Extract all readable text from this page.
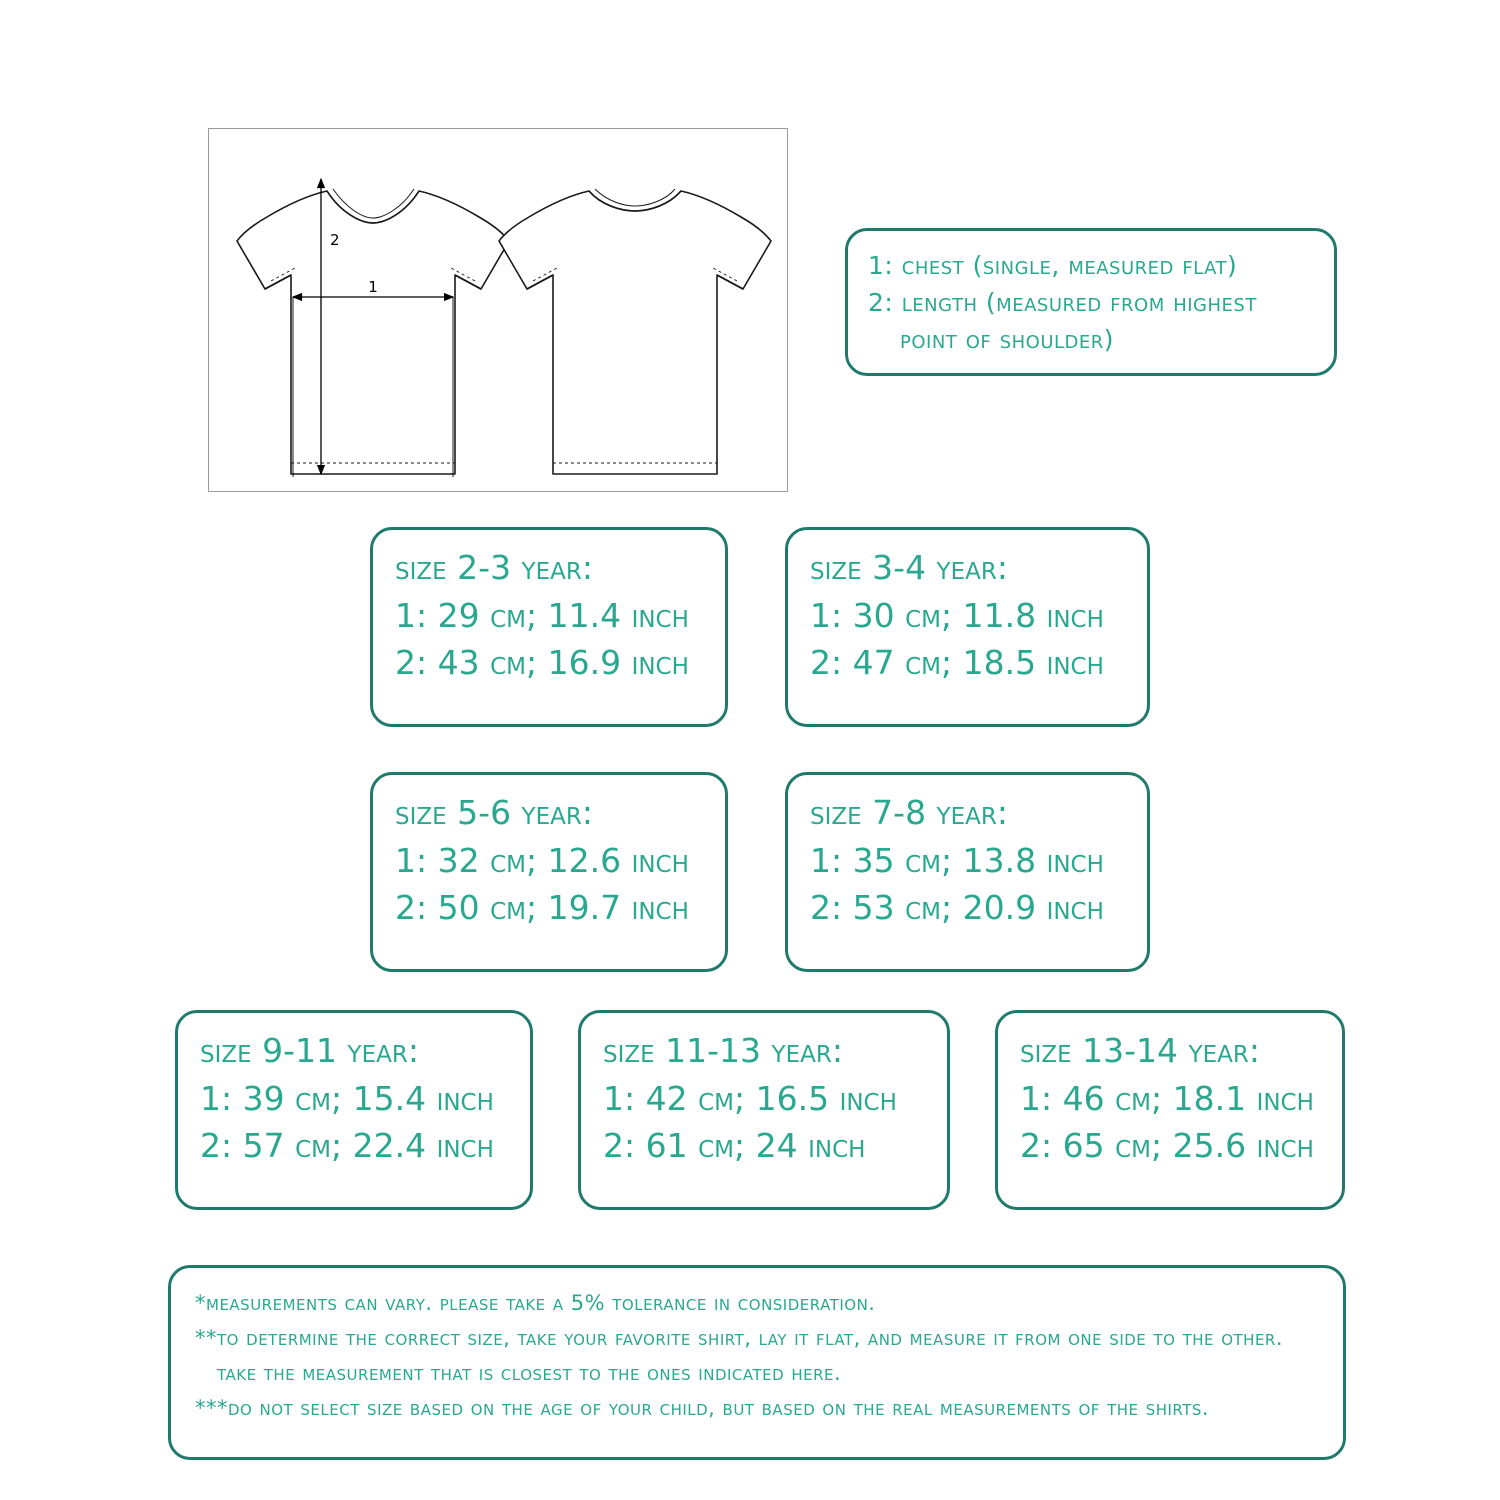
1
2
1: chest (single, measured flat)
2: length (measured from highest
point of shoulder)
size 2-3 year:
1: 29 cm; 11.4 inch
2: 43 cm; 16.9 inch
size 3-4 year:
1: 30 cm; 11.8 inch
2: 47 cm; 18.5 inch
size 5-6 year:
1: 32 cm; 12.6 inch
2: 50 cm; 19.7 inch
size 7-8 year:
1: 35 cm; 13.8 inch
2: 53 cm; 20.9 inch
size 9-11 year:
1: 39 cm; 15.4 inch
2: 57 cm; 22.4 inch
size 11-13 year:
1: 42 cm; 16.5 inch
2: 61 cm; 24 inch
size 13-14 year:
1: 46 cm; 18.1 inch
2: 65 cm; 25.6 inch
*measurements can vary. please take a 5% tolerance in consideration.
**to determine the correct size, take your favorite shirt, lay it flat, and measure it from one side to the other.
take the measurement that is closest to the ones indicated here.
***do not select size based on the age of your child, but based on the real measurements of the shirts.
